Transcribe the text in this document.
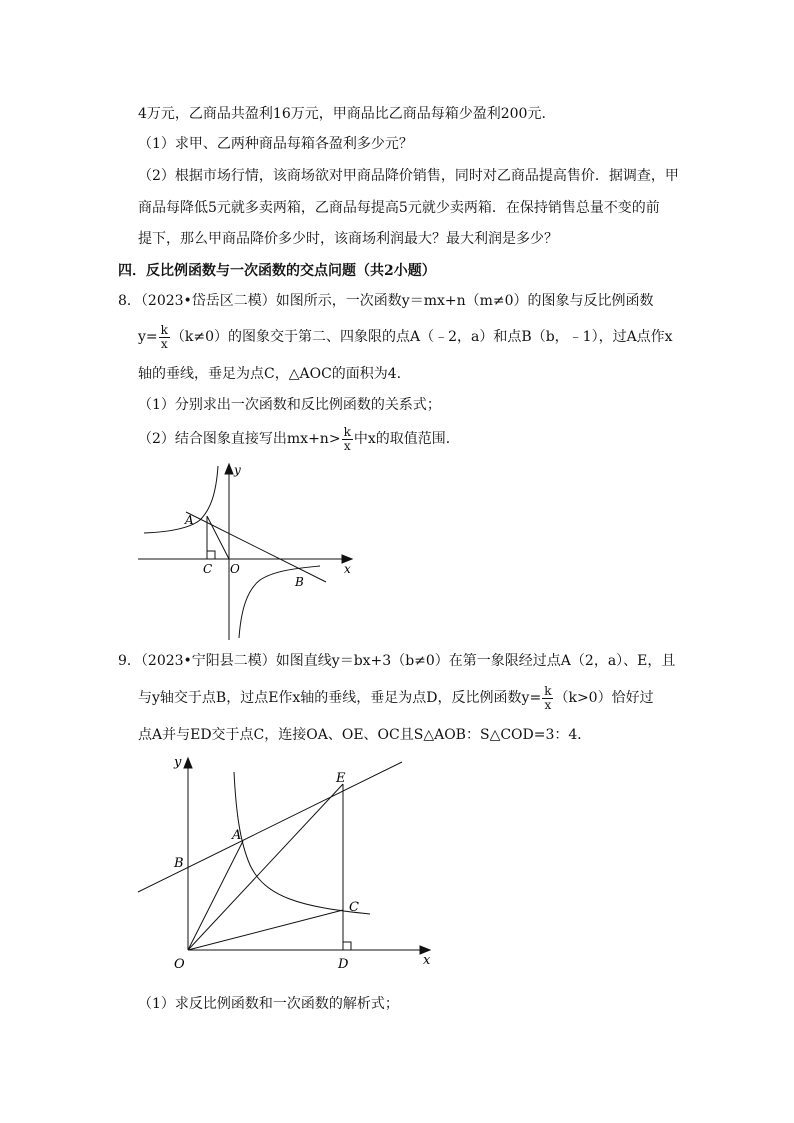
4万元，乙商品共盈利16万元，甲商品比乙商品每箱少盈利200元.
（1）求甲、乙两种商品每箱各盈利多少元？
（2）根据市场行情，该商场欲对甲商品降价销售，同时对乙商品提高售价．据调查，甲
商品每降低5元就多卖两箱，乙商品每提高5元就少卖两箱．在保持销售总量不变的前
提下，那么甲商品降价多少时，该商场利润最大？最大利润是多少？
四．反比例函数与一次函数的交点问题（共2小题）
8．（2023•岱岳区二模）如图所示，一次函数y＝mx+n（m≠0）的图象与反比例函数
$y= \frac{k}{x} (k\ne 0)$的图象交于第二、四象限的点A（﹣2，a）和点B（b，﹣1），过A点作x
轴的垂线，垂足为点C，△AOC的面积为4.
（1）分别求出一次函数和反比例函数的关系式；
（2）结合图象直接写出$mx+n> \frac{k}{x}$ 中x的取值范围．
y
x
A
C O
B
9．（2023•宁阳县二模）如图直线y＝bx+3（b≠0）在第一象限经过点A（2，a）、E，且
与y轴交于点B，过点E作x轴的垂线，垂足为点D，反比例函数$y= \frac{k}{x} (k>0)$恰好过
点A并与ED交于点C，连接OA、OE、OC且S△AOB：S△COD=3：4．
y
x
E
A
B
C
O	D
（1）求反比例函数和一次函数的解析式；
